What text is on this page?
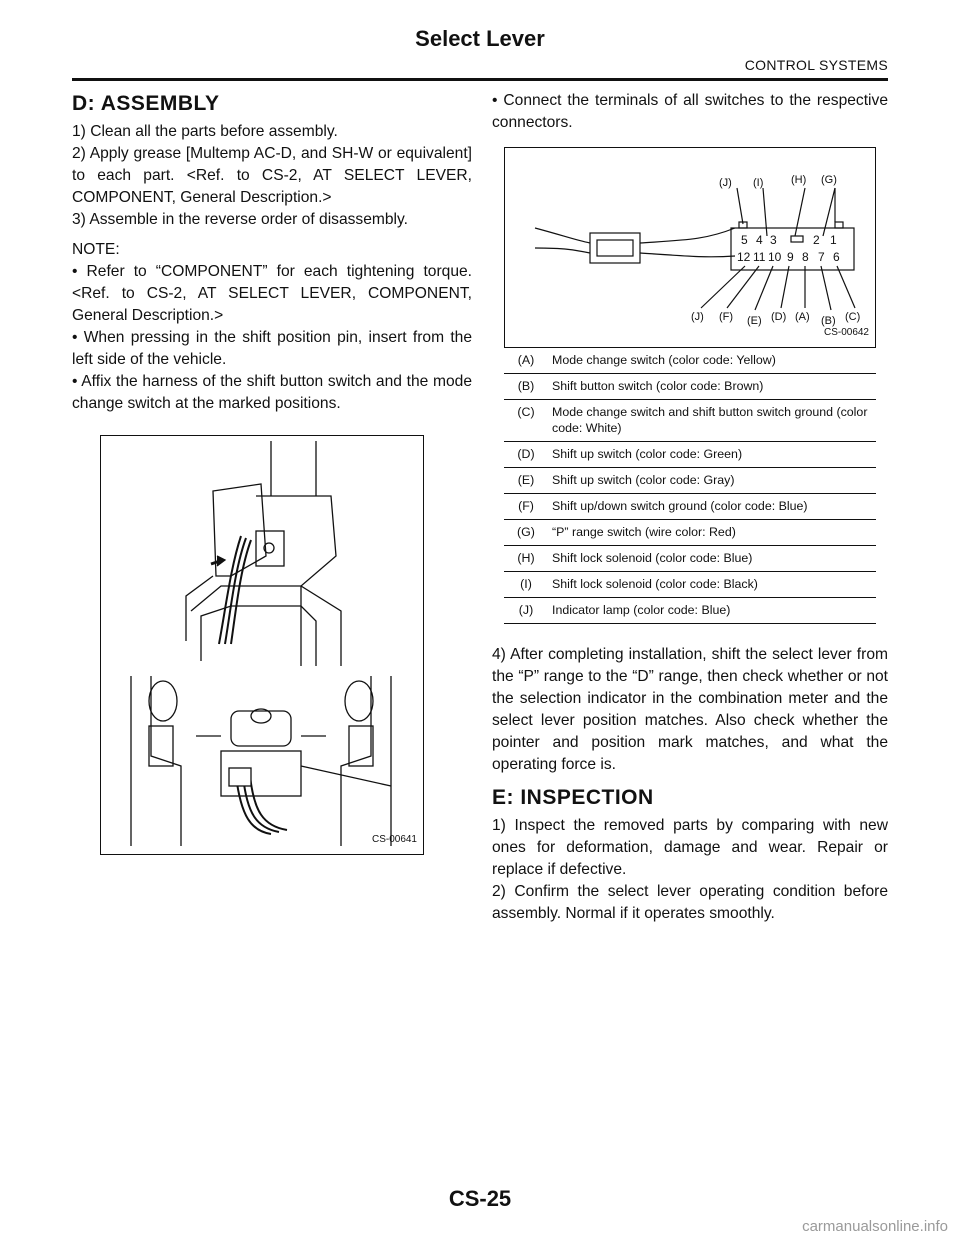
Select Lever
CONTROL SYSTEMS
D: ASSEMBLY

1) Clean all the parts before assembly.

2) Apply grease [Multemp AC-D, and SH-W or equivalent] to each part. <Ref. to CS-2, AT SELECT LEVER, COMPONENT, General Description.>

3) Assemble in the reverse order of disassembly.

NOTE:

• Refer to “COMPONENT” for each tightening torque. <Ref. to CS-2, AT SELECT LEVER, COMPONENT, General Description.>

• When pressing in the shift position pin, insert from the left side of the vehicle.

• Affix the harness of the shift button switch and the mode change switch at the marked positions.

CS-00641

• Connect the terminals of all switches to the respective connectors.

5 4 3	2 1
12 11 10 9 8 7 6
(J) (I)	(H) (G)
(J) (F) (E) (D) (A) (B) (C)
CS-00642
(A)	Mode change switch (color code: Yellow)
(B)	Shift button switch (color code: Brown)
(C)	Mode change switch and shift button switch ground (color code: White)
(D)	Shift up switch (color code: Green)
(E)	Shift up switch (color code: Gray)
(F)	Shift up/down switch ground (color code: Blue)
(G)	“P” range switch (wire color: Red)
(H)	Shift lock solenoid (color code: Blue)
(I)	Shift lock solenoid (color code: Black)
(J)	Indicator lamp (color code: Blue)

4) After completing installation, shift the select lever from the “P” range to the “D” range, then check whether or not the selection indicator in the combination meter and the select lever position matches. Also check whether the pointer and position mark matches, and what the operating force is.

E: INSPECTION

1) Inspect the removed parts by comparing with new ones for deformation, damage and wear. Repair or replace if defective.

2) Confirm the select lever operating condition before assembly. Normal if it operates smoothly.

CS-25
carmanualsonline.info
